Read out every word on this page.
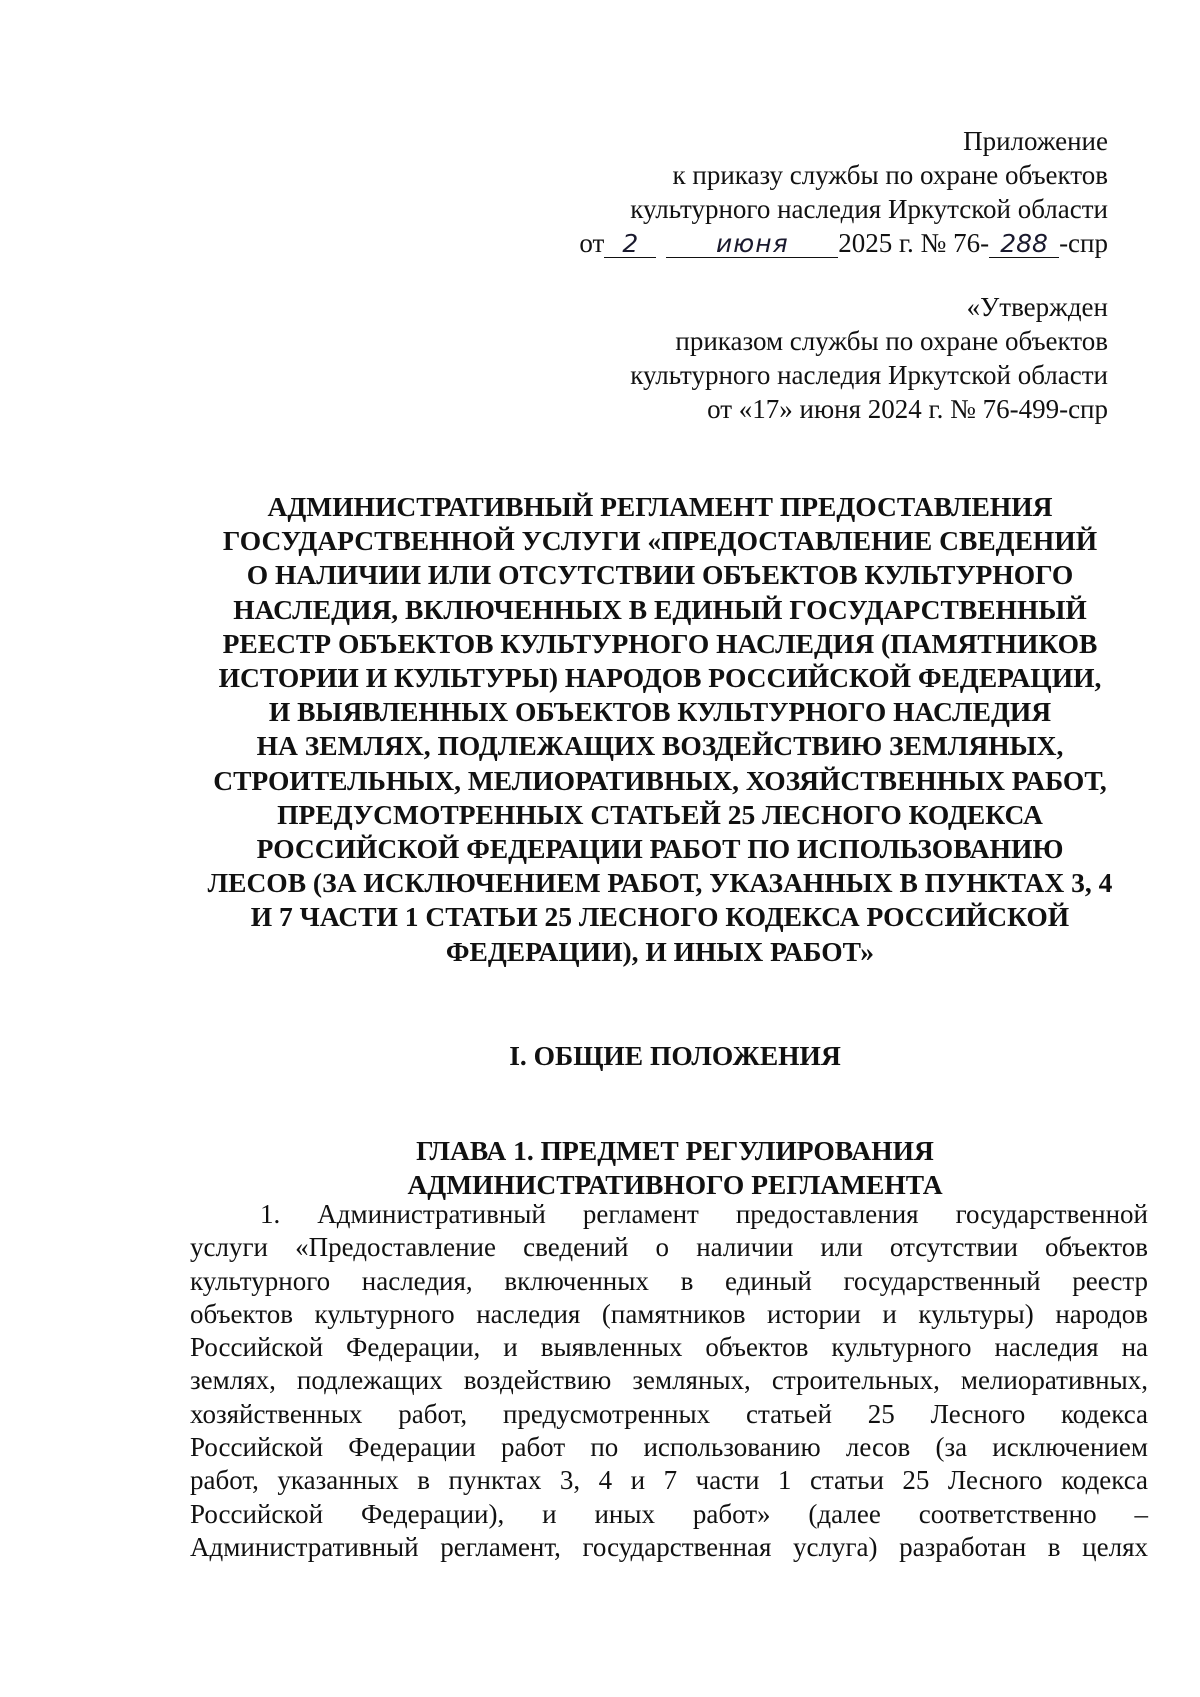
Приложение
к приказу службы по охране объектов
культурного наследия Иркутской области
от 2	июня 2025 г. № 76- 288 -спр
«Утвержден
приказом службы по охране объектов
культурного наследия Иркутской области
от «17» июня 2024 г. № 76-499-спр
АДМИНИСТРАТИВНЫЙ РЕГЛАМЕНТ ПРЕДОСТАВЛЕНИЯ
ГОСУДАРСТВЕННОЙ УСЛУГИ «ПРЕДОСТАВЛЕНИЕ СВЕДЕНИЙ
О НАЛИЧИИ ИЛИ ОТСУТСТВИИ ОБЪЕКТОВ КУЛЬТУРНОГО
НАСЛЕДИЯ, ВКЛЮЧЕННЫХ В ЕДИНЫЙ ГОСУДАРСТВЕННЫЙ
РЕЕСТР ОБЪЕКТОВ КУЛЬТУРНОГО НАСЛЕДИЯ (ПАМЯТНИКОВ
ИСТОРИИ И КУЛЬТУРЫ) НАРОДОВ РОССИЙСКОЙ ФЕДЕРАЦИИ,
И ВЫЯВЛЕННЫХ ОБЪЕКТОВ КУЛЬТУРНОГО НАСЛЕДИЯ
НА ЗЕМЛЯХ, ПОДЛЕЖАЩИХ ВОЗДЕЙСТВИЮ ЗЕМЛЯНЫХ,
СТРОИТЕЛЬНЫХ, МЕЛИОРАТИВНЫХ, ХОЗЯЙСТВЕННЫХ РАБОТ,
ПРЕДУСМОТРЕННЫХ СТАТЬЕЙ 25 ЛЕСНОГО КОДЕКСА
РОССИЙСКОЙ ФЕДЕРАЦИИ РАБОТ ПО ИСПОЛЬЗОВАНИЮ
ЛЕСОВ (ЗА ИСКЛЮЧЕНИЕМ РАБОТ, УКАЗАННЫХ В ПУНКТАХ 3, 4
И 7 ЧАСТИ 1 СТАТЬИ 25 ЛЕСНОГО КОДЕКСА РОССИЙСКОЙ
ФЕДЕРАЦИИ), И ИНЫХ РАБОТ»
I. ОБЩИЕ ПОЛОЖЕНИЯ
ГЛАВА 1. ПРЕДМЕТ РЕГУЛИРОВАНИЯ
АДМИНИСТРАТИВНОГО РЕГЛАМЕНТА
1. Административный регламент предоставления государственной
услуги «Предоставление сведений о наличии или отсутствии объектов
культурного наследия, включенных в единый государственный реестр
объектов культурного наследия (памятников истории и культуры) народов
Российской Федерации, и выявленных объектов культурного наследия на
землях, подлежащих воздействию земляных, строительных, мелиоративных,
хозяйственных работ, предусмотренных статьей 25 Лесного кодекса
Российской Федерации работ по использованию лесов (за исключением
работ, указанных в пунктах 3, 4 и 7 части 1 статьи 25 Лесного кодекса
Российской Федерации), и иных работ» (далее соответственно –
Административный регламент, государственная услуга) разработан в целях
